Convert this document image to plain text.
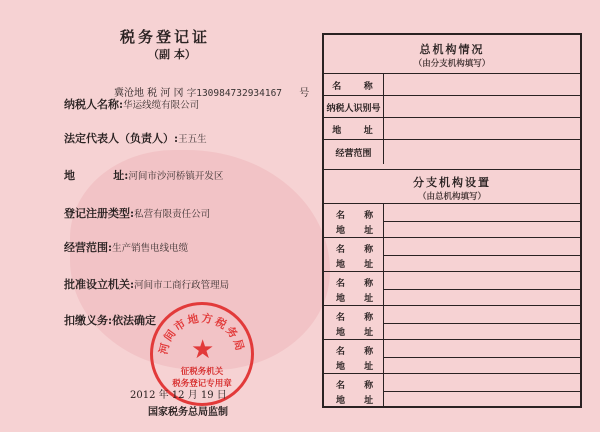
税务登记证
（副 本）
冀沧地 税 河 冈 字130984732934167 号
纳税人名称:华运线缆有限公司
法定代表人（负责人）:王五生
地          址:河间市沙河桥镇开发区
登记注册类型:私营有限责任公司
经营范围:生产销售电线电缆
批准设立机关:河间市工商行政管理局
扣缴义务:依法确定
河间市地方税务局
★
征税务机关
税务登记专用章
2012 年 12 月 19 日
国家税务总局监制
总机构情况
（由分支机构填写）
名    称
纳税人识别号
地    址
经营范围
分支机构设置
（由总机构填写）
名 称
地 址
名 称
地 址
名 称
地 址
名 称
地 址
名 称
地 址
名 称
地 址
